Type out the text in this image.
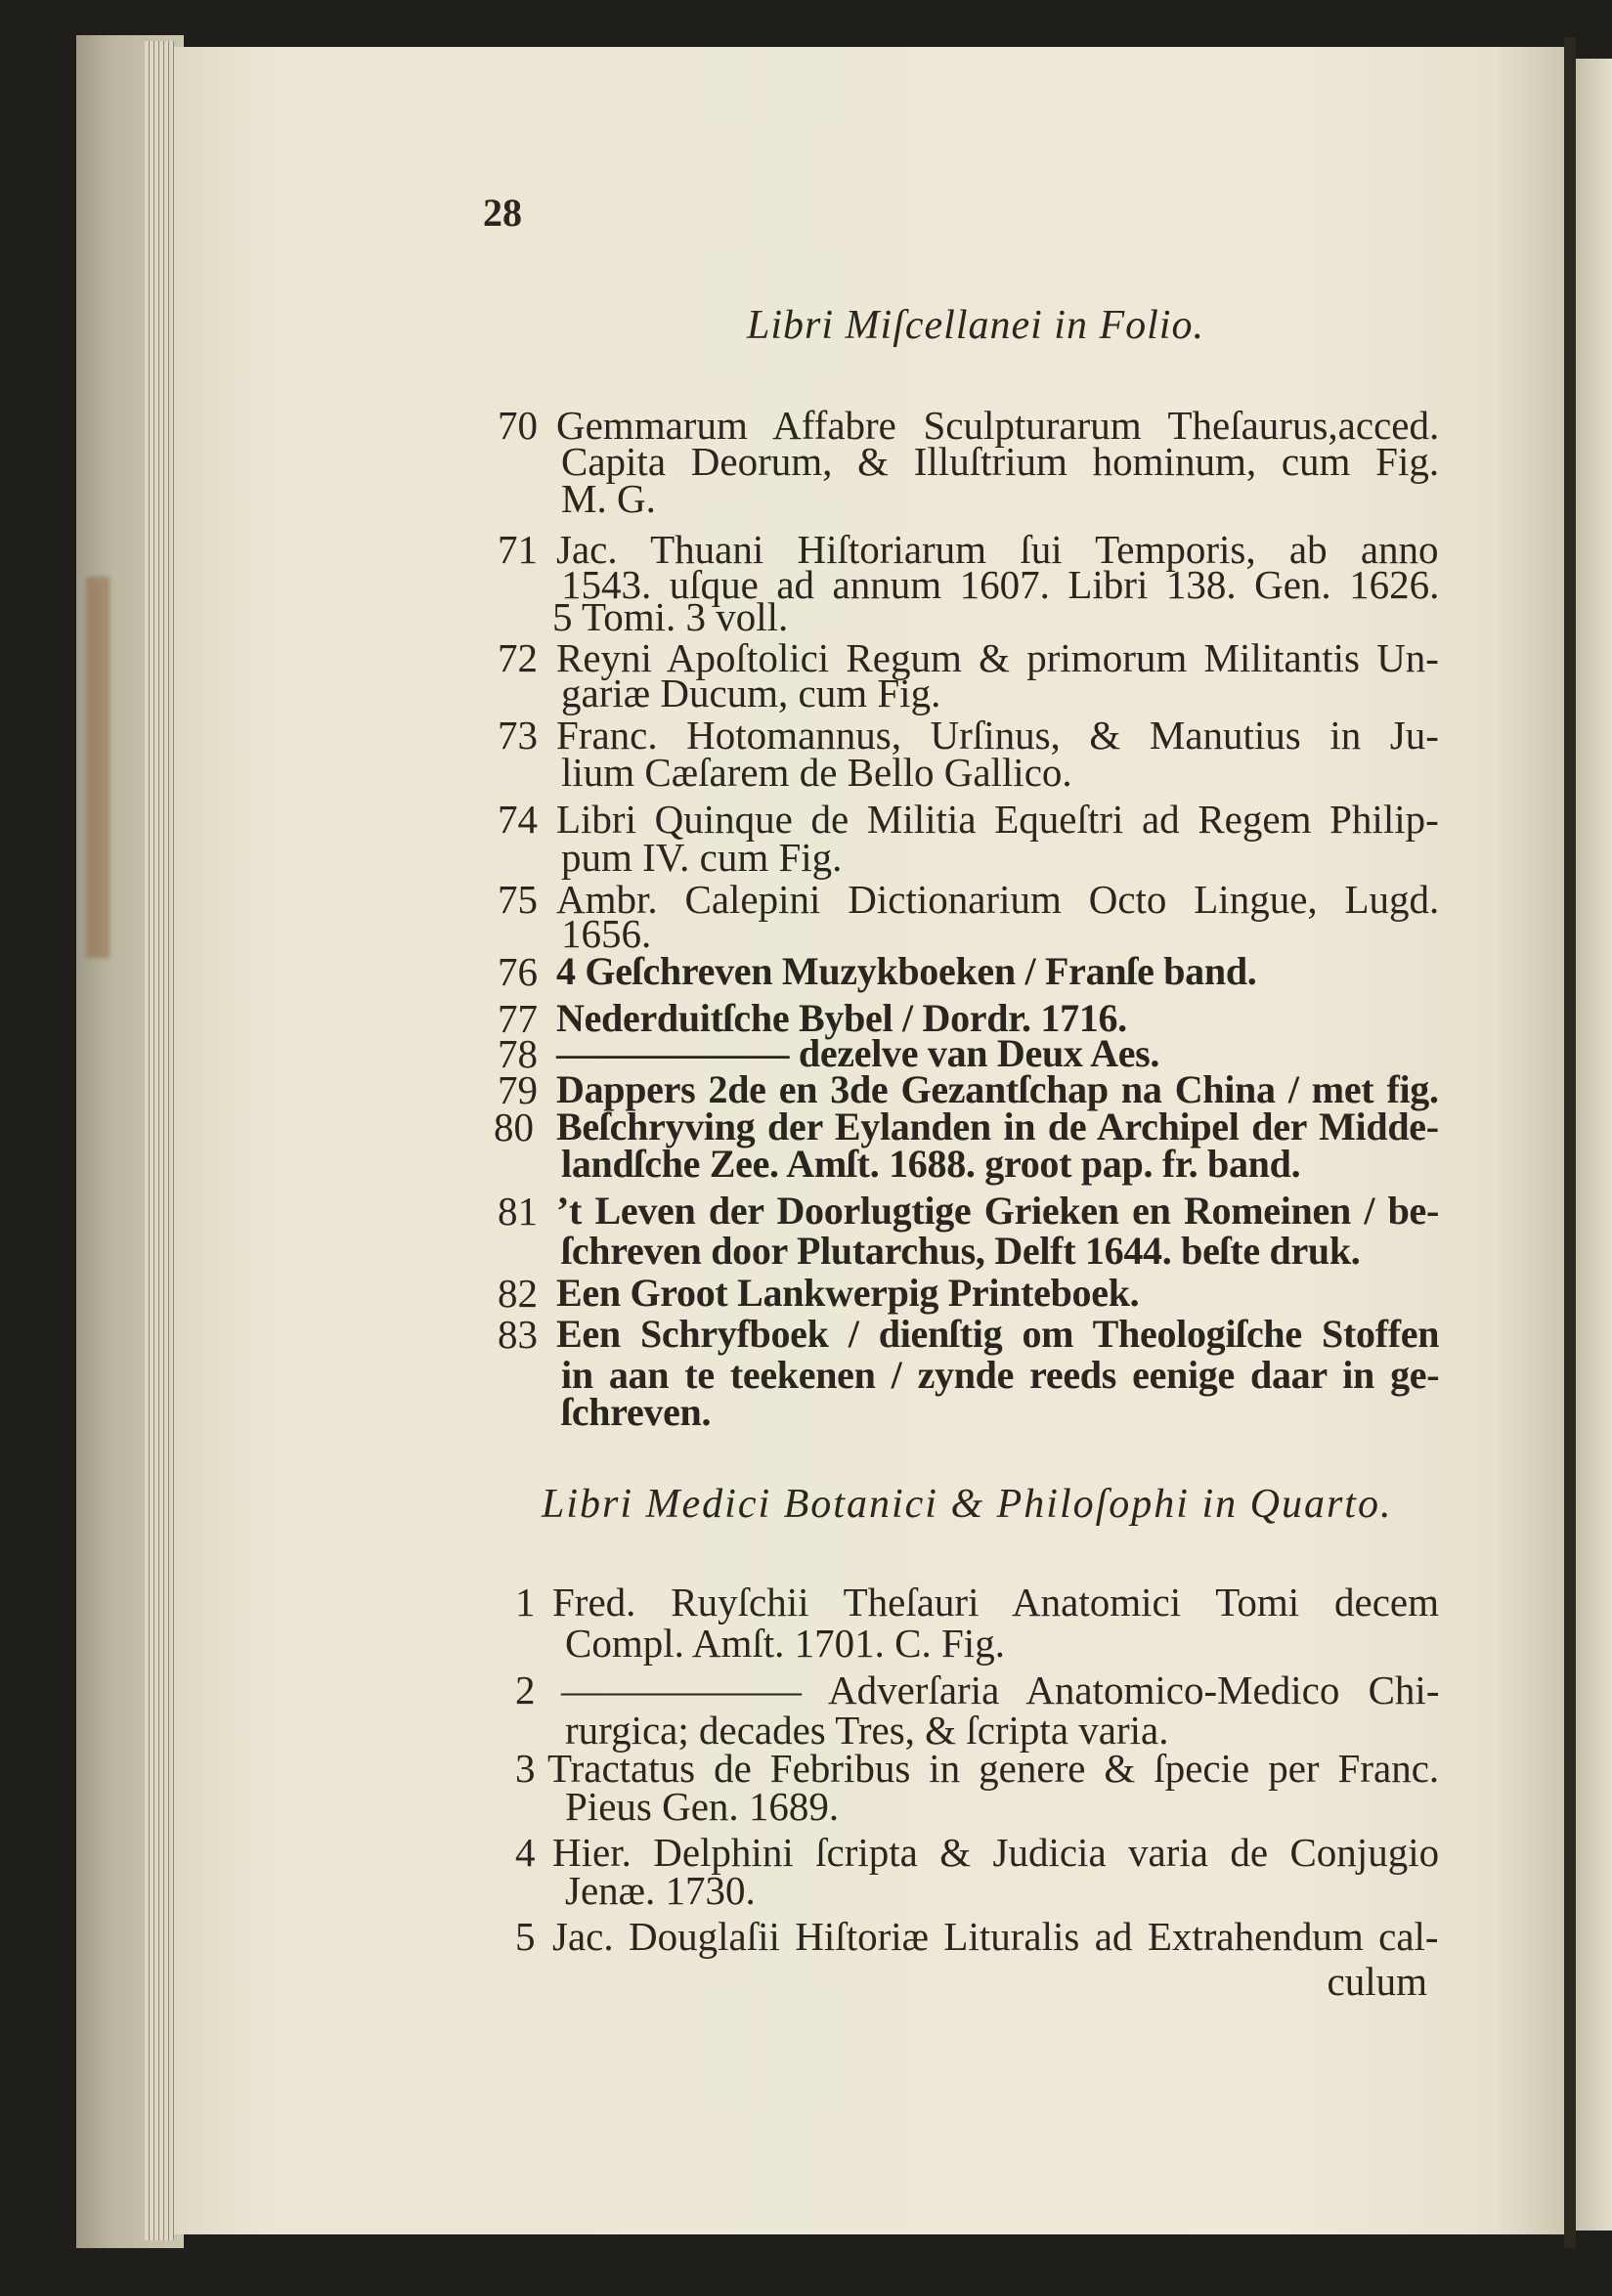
28
Libri Miſcellanei in Folio.
70 Gemmarum Affabre Sculpturarum Theſaurus,acced.
Capita Deorum, & Illuſtrium hominum, cum Fig.
M. G.
71 Jac. Thuani Hiſtoriarum ſui Temporis, ab anno
1543. uſque ad annum 1607. Libri 138. Gen. 1626.
5 Tomi. 3 voll.
72 Reyni Apoſtolici Regum & primorum Militantis Un-
gariæ Ducum, cum Fig.
73 Franc. Hotomannus, Urſinus, & Manutius in Ju-
lium Cæſarem de Bello Gallico.
74 Libri Quinque de Militia Equeſtri ad Regem Philip-
pum IV. cum Fig.
75 Ambr. Calepini Dictionarium Octo Lingue, Lugd.
1656.
76 4 Geſchreven Muzykboeken / Franſe band.
77 Nederduitſche Bybel / Dordr. 1716.
78 —————— dezelve van Deux Aes.
79 Dappers 2de en 3de Gezantſchap na China / met fig.
80 Beſchryving der Eylanden in de Archipel der Midde-
landſche Zee. Amſt. 1688. groot pap. fr. band.
81 ’t Leven der Doorlugtige Grieken en Romeinen / be-
ſchreven door Plutarchus, Delft 1644. beſte druk.
82 Een Groot Lankwerpig Printeboek.
83 Een Schryfboek / dienſtig om Theologiſche Stoffen
in aan te teekenen / zynde reeds eenige daar in ge-
ſchreven.
Libri Medici Botanici & Philoſophi in Quarto.
1 Fred. Ruyſchii Theſauri Anatomici Tomi decem
Compl. Amſt. 1701. C. Fig.
2 —————— Adverſaria Anatomico-Medico Chi-
rurgica; decades Tres, & ſcripta varia.
3 Tractatus de Febribus in genere & ſpecie per Franc.
Pieus Gen. 1689.
4 Hier. Delphini ſcripta & Judicia varia de Conjugio
Jenæ. 1730.
5 Jac. Douglaſii Hiſtoriæ Lituralis ad Extrahendum cal-
culum
